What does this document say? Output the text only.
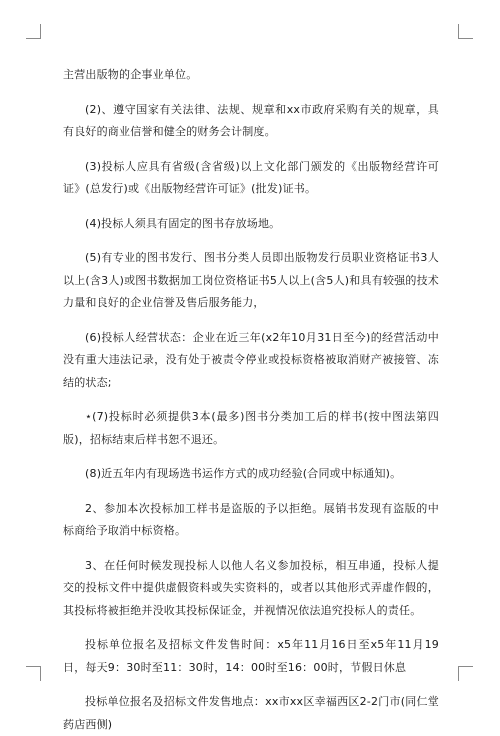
主营出版物的企事业单位。

(2)、遵守国家有关法律、法规、规章和xx市政府采购有关的规章，具有良好的商业信誉和健全的财务会计制度。

(3)投标人应具有省级(含省级)以上文化部门颁发的《出版物经营许可证》(总发行)或《出版物经营许可证》(批发)证书。

(4)投标人须具有固定的图书存放场地。

(5)有专业的图书发行、图书分类人员即出版物发行员职业资格证书3人以上(含3人)或图书数据加工岗位资格证书5人以上(含5人)和具有较强的技术力量和良好的企业信誉及售后服务能力，

(6)投标人经营状态：企业在近三年(x2年10月31日至今)的经营活动中没有重大违法记录，没有处于被责令停业或投标资格被取消财产被接管、冻结的状态;

⋆(7)投标时必须提供3本(最多)图书分类加工后的样书(按中图法第四版)，招标结束后样书恕不退还。

(8)近五年内有现场选书运作方式的成功经验(合同或中标通知)。

2、参加本次投标加工样书是盗版的予以拒绝。展销书发现有盗版的中标商给予取消中标资格。

3、在任何时候发现投标人以他人名义参加投标，相互串通，投标人提交的投标文件中提供虚假资料或失实资料的，或者以其他形式弄虚作假的，其投标将被拒绝并没收其投标保证金，并视情况依法追究投标人的责任。

投标单位报名及招标文件发售时间：x5年11月16日至x5年11月19日，每天9：30时至11：30时，14：00时至16：00时，节假日休息

投标单位报名及招标文件发售地点：xx市xx区幸福西区2-2门市(同仁堂药店西侧)
